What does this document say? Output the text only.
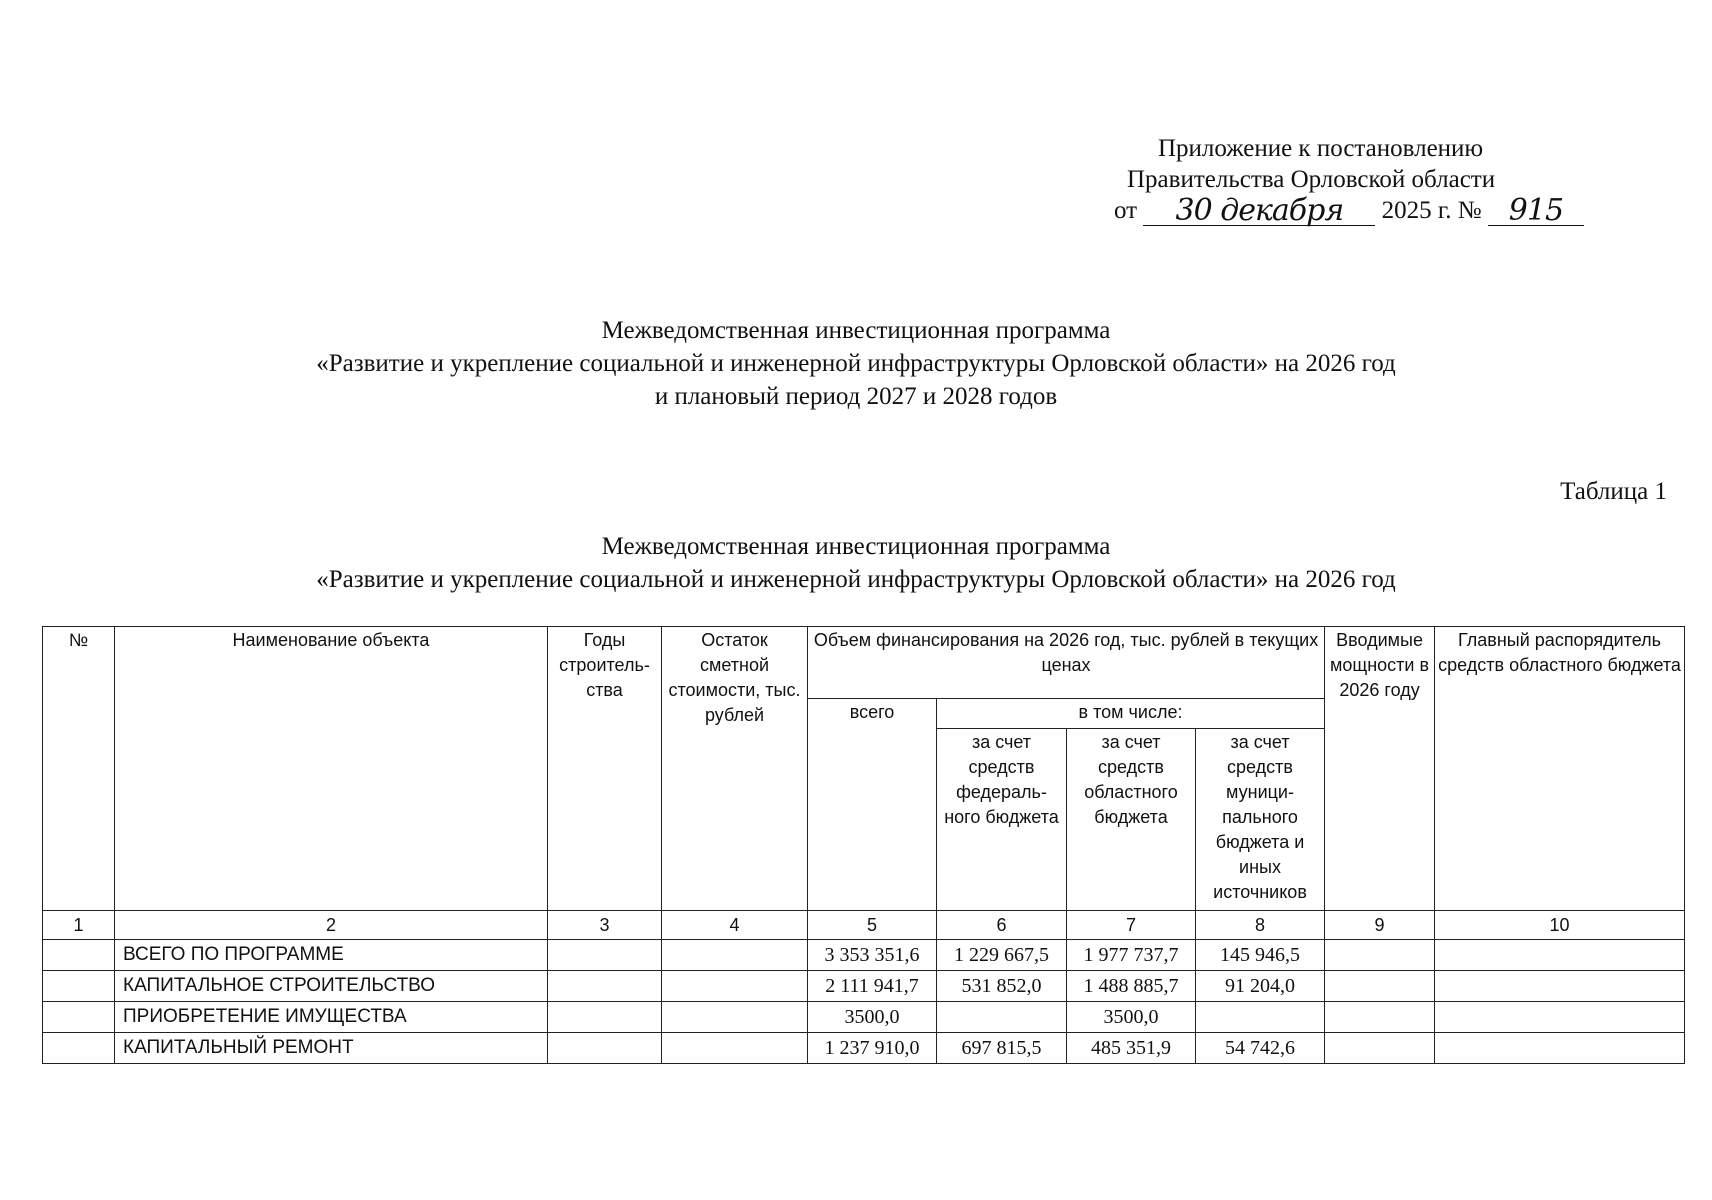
Приложение к постановлению
Правительства Орловской области
от 30 декабря 2025 г. № 915
Межведомственная инвестиционная программа
«Развитие и укрепление социальной и инженерной инфраструктуры Орловской области» на 2026 год
и плановый период 2027 и 2028 годов
Таблица 1
Межведомственная инвестиционная программа
«Развитие и укрепление социальной и инженерной инфраструктуры Орловской области» на 2026 год
№	Наименование объекта	Годы строитель-ства	Остаток сметной стоимости, тыс. рублей	Объем финансирования на 2026 год, тыс. рублей в текущих ценах				Вводимые мощности в 2026 году	Главный распорядитель средств областного бюджета
				всего	в том числе:				
					за счет средств федераль-ного бюджета	за счет средств областного бюджета	за счет средств муници-пального бюджета и иных источников		
1	2	3	4	5	6	7	8	9	10
	ВСЕГО ПО ПРОГРАММЕ			3 353 351,6	1 229 667,5	1 977 737,7	145 946,5		
	КАПИТАЛЬНОЕ СТРОИТЕЛЬСТВО			2 111 941,7	531 852,0	1 488 885,7	91 204,0		
	ПРИОБРЕТЕНИЕ ИМУЩЕСТВА			3500,0		3500,0			
	КАПИТАЛЬНЫЙ РЕМОНТ			1 237 910,0	697 815,5	485 351,9	54 742,6		
